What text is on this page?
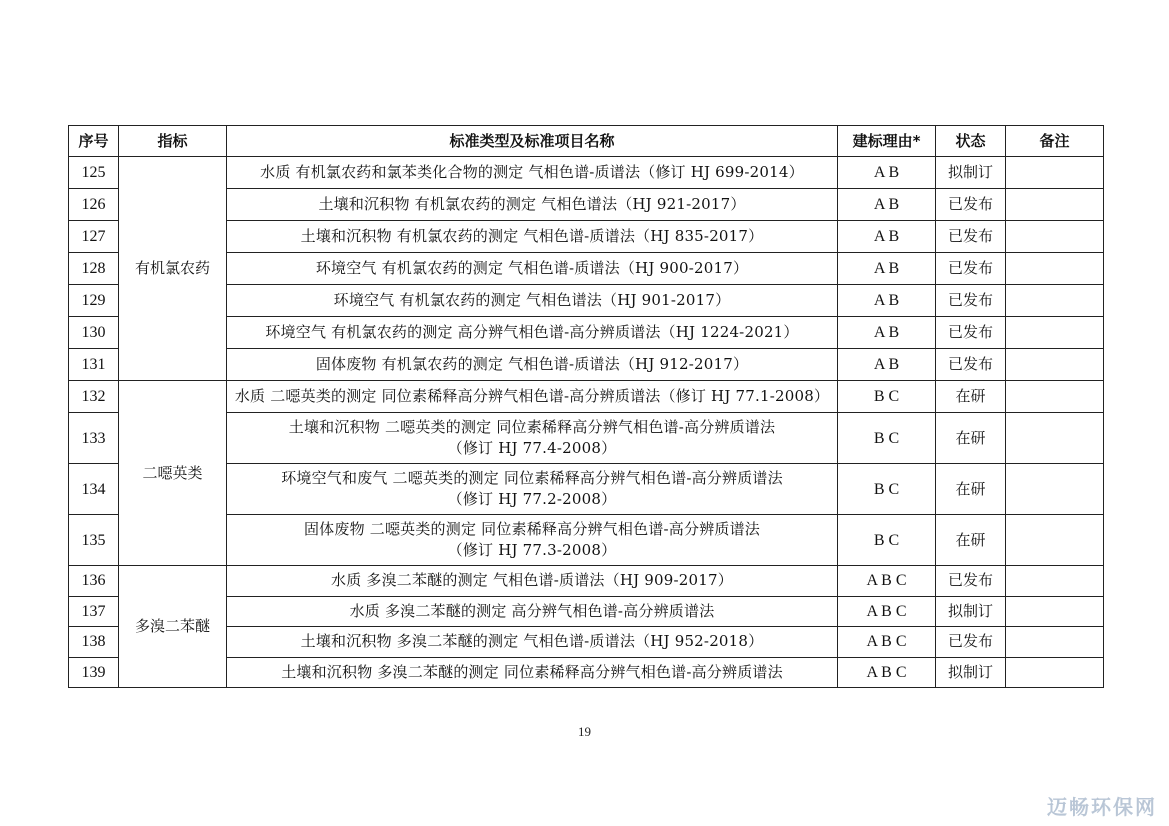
序号	指标	标准类型及标准项目名称	建标理由*	状态	备注
125	有机氯农药	水质 有机氯农药和氯苯类化合物的测定 气相色谱-质谱法（修订 HJ 699-2014）	A B	拟制订	
126		土壤和沉积物 有机氯农药的测定 气相色谱法（HJ 921-2017）	A B	已发布	
127		土壤和沉积物 有机氯农药的测定 气相色谱-质谱法（HJ 835-2017）	A B	已发布	
128		环境空气 有机氯农药的测定 气相色谱-质谱法（HJ 900-2017）	A B	已发布	
129		环境空气 有机氯农药的测定 气相色谱法（HJ 901-2017）	A B	已发布	
130		环境空气 有机氯农药的测定 高分辨气相色谱-高分辨质谱法（HJ 1224-2021）	A B	已发布	
131		固体废物 有机氯农药的测定 气相色谱-质谱法（HJ 912-2017）	A B	已发布	
132	二噁英类	水质 二噁英类的测定 同位素稀释高分辨气相色谱-高分辨质谱法（修订 HJ 77.1-2008）	B C	在研	
133		土壤和沉积物 二噁英类的测定 同位素稀释高分辨气相色谱-高分辨质谱法
（修订 HJ 77.4-2008）	B C	在研	
134		环境空气和废气 二噁英类的测定 同位素稀释高分辨气相色谱-高分辨质谱法
（修订 HJ 77.2-2008）	B C	在研	
135		固体废物 二噁英类的测定 同位素稀释高分辨气相色谱-高分辨质谱法
（修订 HJ 77.3-2008）	B C	在研	
136	多溴二苯醚	水质 多溴二苯醚的测定 气相色谱-质谱法（HJ 909-2017）	A B C	已发布	
137		水质 多溴二苯醚的测定 高分辨气相色谱-高分辨质谱法	A B C	拟制订	
138		土壤和沉积物 多溴二苯醚的测定 气相色谱-质谱法（HJ 952-2018）	A B C	已发布	
139		土壤和沉积物 多溴二苯醚的测定 同位素稀释高分辨气相色谱-高分辨质谱法	A B C	拟制订	
19
迈畅环保网
